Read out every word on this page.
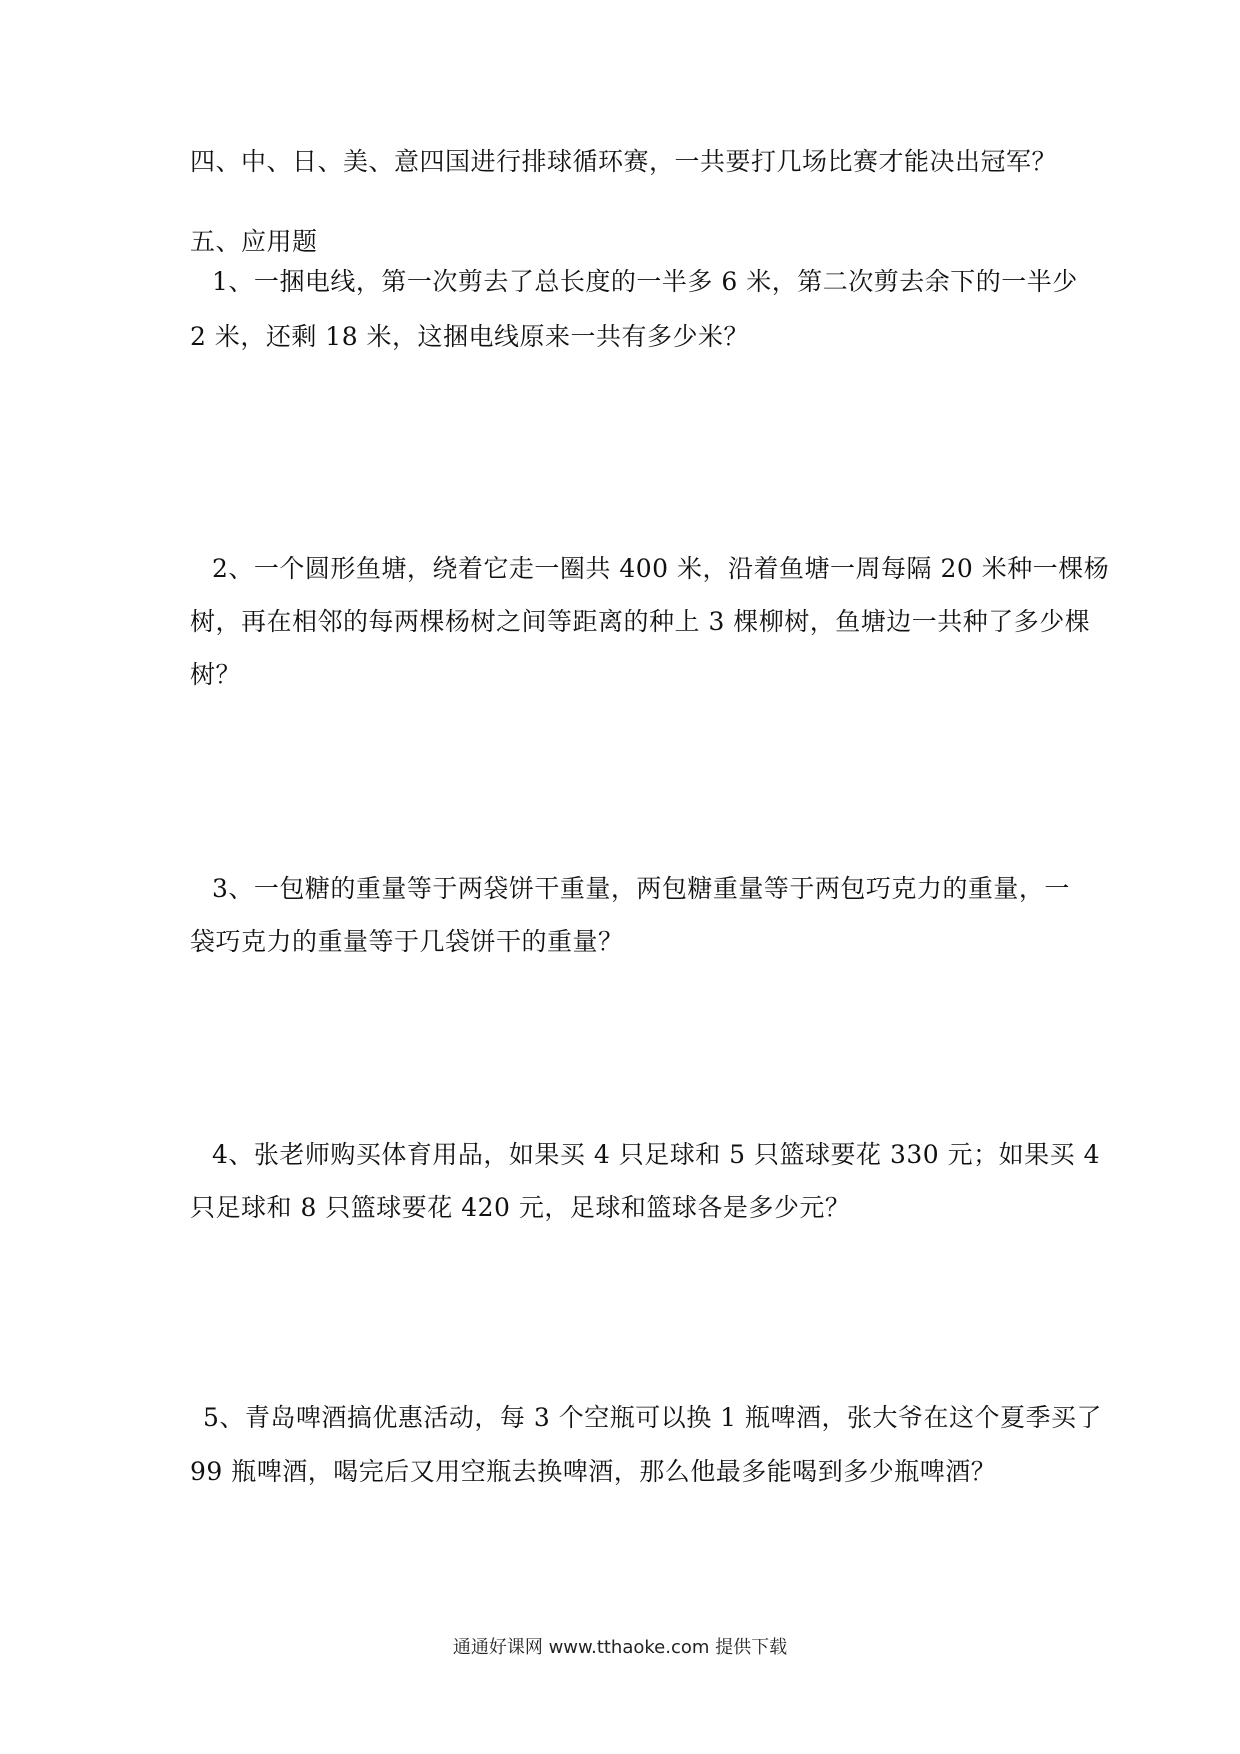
四、中、日、美、意四国进行排球循环赛，一共要打几场比赛才能决出冠军？
五、应用题
1、一捆电线，第一次剪去了总长度的一半多 6 米，第二次剪去余下的一半少
2 米，还剩 18 米，这捆电线原来一共有多少米？
2、一个圆形鱼塘，绕着它走一圈共 400 米，沿着鱼塘一周每隔 20 米种一棵杨
树，再在相邻的每两棵杨树之间等距离的种上 3 棵柳树，鱼塘边一共种了多少棵
树？
3、一包糖的重量等于两袋饼干重量，两包糖重量等于两包巧克力的重量，一
袋巧克力的重量等于几袋饼干的重量？
4、张老师购买体育用品，如果买 4 只足球和 5 只篮球要花 330 元；如果买 4
只足球和 8 只篮球要花 420 元，足球和篮球各是多少元？
5、青岛啤酒搞优惠活动，每 3 个空瓶可以换 1 瓶啤酒，张大爷在这个夏季买了
99 瓶啤酒，喝完后又用空瓶去换啤酒，那么他最多能喝到多少瓶啤酒？
通通好课网 www.tthaoke.com 提供下载
